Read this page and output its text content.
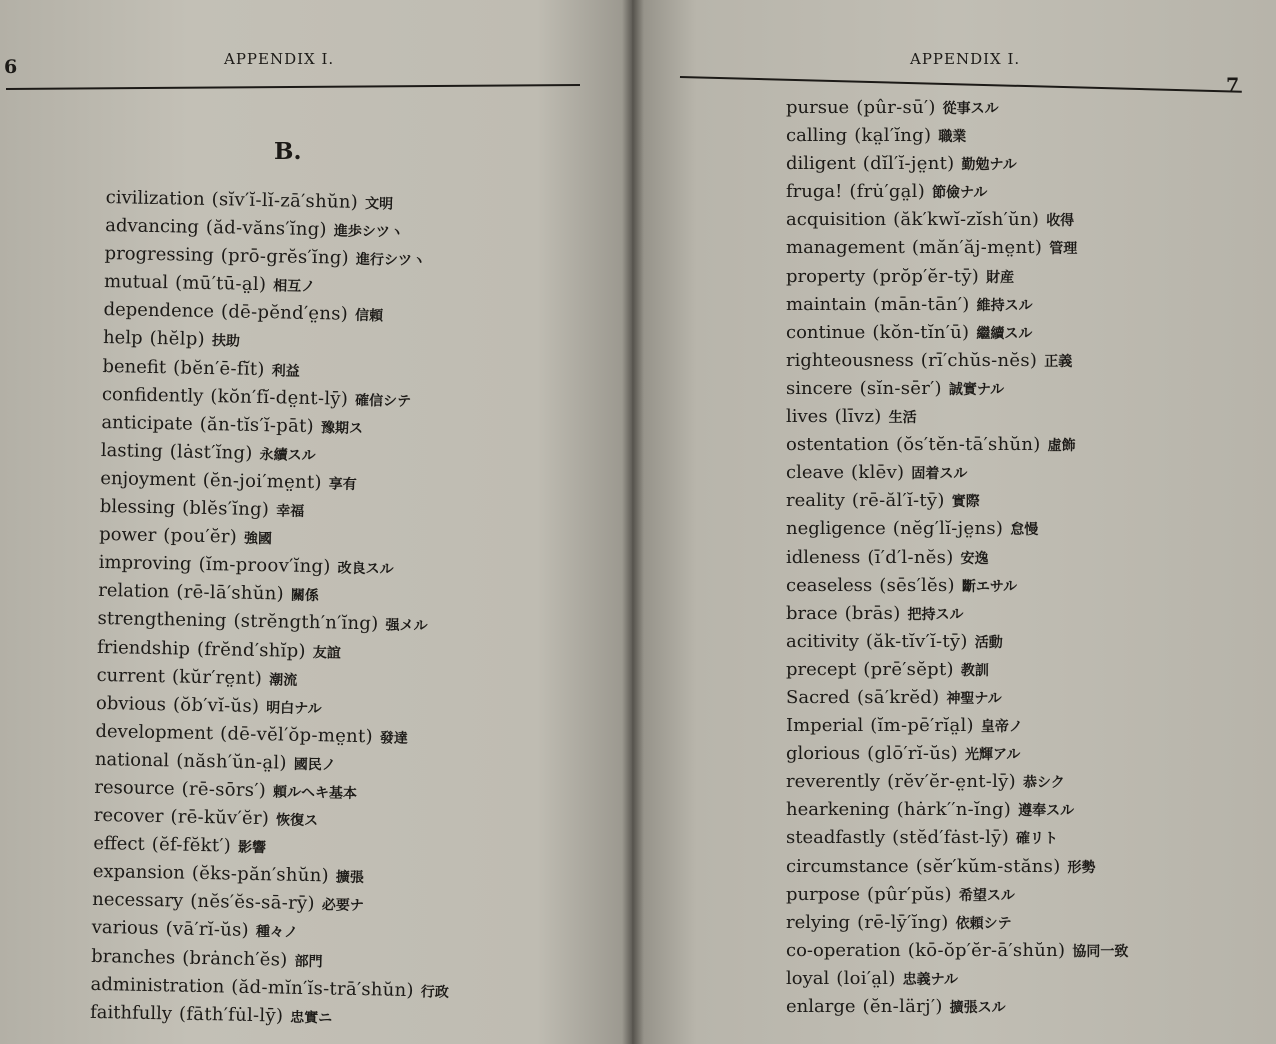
6	APPENDIX I.
B.
civilization (sĭv′ĭ-lĭ-zā′shŭn) 文明
advancing (ăd-văns′ĭng) 進歩シツヽ
progressing (prō-grĕs′ĭng) 進行シツヽ
mutual (mū′tū-a̤l) 相互ノ
dependence (dē-pĕnd′e̤ns) 信頼
help (hĕlp) 扶助
benefit (bĕn′ē-fĭt) 利益
confidently (kŏn′fĭ-de̤nt-lȳ) 確信シテ
anticipate (ăn-tĭs′ĭ-pāt) 豫期ス
lasting (lȧst′ĭng) 永續スル
enjoyment (ĕn-joi′me̤nt) 享有
blessing (blĕs′ĭng) 幸福
power (pou′ĕr) 強國
improving (ĭm-proov′ĭng) 改良スル
relation (rē-lā′shŭn) 關係
strengthening (strĕngth′n′ĭng) 强メル
friendship (frĕnd′shĭp) 友誼
current (kŭr′re̤nt) 潮流
obvious (ŏb′vĭ-ŭs) 明白ナル
development (dē-vĕl′ŏp-me̤nt) 發達
national (năsh′ŭn-a̤l) 國民ノ
resource (rē-sōrs′) 頼ルヘキ基本
recover (rē-kŭv′ĕr) 恢復ス
effect (ĕf-fĕkt′) 影響
expansion (ĕks-păn′shŭn) 擴張
necessary (nĕs′ĕs-sā-rȳ) 必要ナ
various (vā′rĭ-ŭs) 種々ノ
branches (brȧnch′ĕs) 部門
administration (ăd-mĭn′ĭs-trā′shŭn) 行政
faithfully (fāth′fu̇l-lȳ) 忠實ニ
APPENDIX I.
7
pursue (pûr-sū′) 從事スル
calling (ka̤l′ĭng) 職業
diligent (dĭl′ĭ-je̤nt) 勤勉ナル
fruga! (fru̇′ga̤l) 節儉ナル
acquisition (ăk′kwĭ-zĭsh′ŭn) 收得
management (măn′ăj-me̤nt) 管理
property (prŏp′ĕr-tȳ) 財産
maintain (mān-tān′) 維持スル
continue (kŏn-tĭn′ū) 繼續スル
righteousness (rī′chŭs-nĕs) 正義
sincere (sĭn-sēr′) 誠實ナル
lives (līvz) 生活
ostentation (ŏs′tĕn-tā′shŭn) 虛飾
cleave (klēv) 固着スル
reality (rē-ăl′ĭ-tȳ) 實際
negligence (nĕg′lĭ-je̤ns) 怠慢
idleness (ī′d′l-nĕs) 安逸
ceaseless (sēs′lĕs) 斷エサル
brace (brās) 把持スル
acitivity (ăk-tĭv′ĭ-tȳ) 活動
precept (prē′sĕpt) 教訓
Sacred (sā′krĕd) 神聖ナル
Imperial (ĭm-pē′rĭa̤l) 皇帝ノ
glorious (glō′rĭ-ŭs) 光輝アル
reverently (rĕv′ĕr-e̤nt-lȳ) 恭シク
hearkening (hȧrk′′n-ĭng) 遵奉スル
steadfastly (stĕd′fȧst-lȳ) 確リト
circumstance (sĕr′kŭm-stăns) 形勢
purpose (pûr′pŭs) 希望スル
relying (rē-lȳ′ĭng) 依頼シテ
co-operation (kō-ŏp′ĕr-ā′shŭn) 協同一致
loyal (loi′a̤l) 忠義ナル
enlarge (ĕn-lärj′) 擴張スル
